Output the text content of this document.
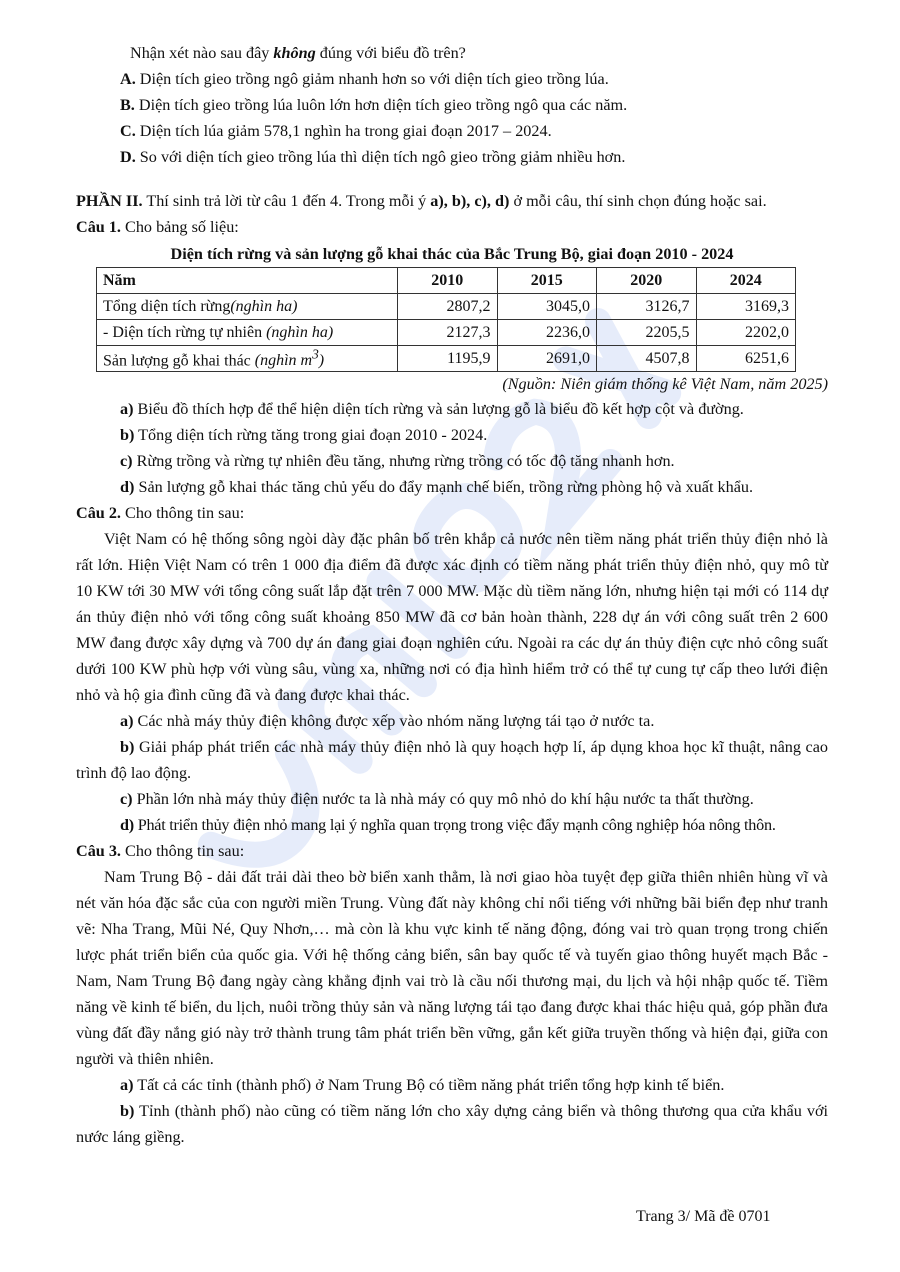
Nhận xét nào sau đây không đúng với biểu đồ trên?

A. Diện tích gieo trồng ngô giảm nhanh hơn so với diện tích gieo trồng lúa.

B. Diện tích gieo trồng lúa luôn lớn hơn diện tích gieo trồng ngô qua các năm.

C. Diện tích lúa giảm 578,1 nghìn ha trong giai đoạn 2017 – 2024.

D. So với diện tích gieo trồng lúa thì diện tích ngô gieo trồng giảm nhiều hơn.

PHẦN II. Thí sinh trả lời từ câu 1 đến 4. Trong mỗi ý a), b), c), d) ở mỗi câu, thí sinh chọn đúng hoặc sai.

Câu 1. Cho bảng số liệu:

Diện tích rừng và sản lượng gỗ khai thác của Bắc Trung Bộ, giai đoạn 2010 - 2024

Năm	2010	2015	2020	2024
Tổng diện tích rừng(nghìn ha)	2807,2	3045,0	3126,7	3169,3
- Diện tích rừng tự nhiên (nghìn ha)	2127,3	2236,0	2205,5	2202,0
Sản lượng gỗ khai thác (nghìn $m^3$)	1195,9	2691,0	4507,8	6251,6

(Nguồn: Niên giám thống kê Việt Nam, năm 2025)

a) Biểu đồ thích hợp để thể hiện diện tích rừng và sản lượng gỗ là biểu đồ kết hợp cột và đường.

b) Tổng diện tích rừng tăng trong giai đoạn 2010 - 2024.

c) Rừng trồng và rừng tự nhiên đều tăng, nhưng rừng trồng có tốc độ tăng nhanh hơn.

d) Sản lượng gỗ khai thác tăng chủ yếu do đẩy mạnh chế biến, trồng rừng phòng hộ và xuất khẩu.

Câu 2. Cho thông tin sau:

Việt Nam có hệ thống sông ngòi dày đặc phân bố trên khắp cả nước nên tiềm năng phát triển thủy điện nhỏ là rất lớn. Hiện Việt Nam có trên 1 000 địa điểm đã được xác định có tiềm năng phát triển thủy điện nhỏ, quy mô từ 10 KW tới 30 MW với tổng công suất lắp đặt trên 7 000 MW. Mặc dù tiềm năng lớn, nhưng hiện tại mới có 114 dự án thủy điện nhỏ với tổng công suất khoảng 850 MW đã cơ bản hoàn thành, 228 dự án với công suất trên 2 600 MW đang được xây dựng và 700 dự án đang giai đoạn nghiên cứu. Ngoài ra các dự án thủy điện cực nhỏ công suất dưới 100 KW phù hợp với vùng sâu, vùng xa, những nơi có địa hình hiểm trở có thể tự cung tự cấp theo lưới điện nhỏ và hộ gia đình cũng đã và đang được khai thác.

a) Các nhà máy thủy điện không được xếp vào nhóm năng lượng tái tạo ở nước ta.

b) Giải pháp phát triển các nhà máy thủy điện nhỏ là quy hoạch hợp lí, áp dụng khoa học kĩ thuật, nâng cao trình độ lao động.

c) Phần lớn nhà máy thủy điện nước ta là nhà máy có quy mô nhỏ do khí hậu nước ta thất thường.

d) Phát triển thủy điện nhỏ mang lại ý nghĩa quan trọng trong việc đẩy mạnh công nghiệp hóa nông thôn.

Câu 3. Cho thông tin sau:

Nam Trung Bộ - dải đất trải dài theo bờ biển xanh thẳm, là nơi giao hòa tuyệt đẹp giữa thiên nhiên hùng vĩ và nét văn hóa đặc sắc của con người miền Trung. Vùng đất này không chỉ nổi tiếng với những bãi biển đẹp như tranh vẽ: Nha Trang, Mũi Né, Quy Nhơn,… mà còn là khu vực kinh tế năng động, đóng vai trò quan trọng trong chiến lược phát triển biển của quốc gia. Với hệ thống cảng biển, sân bay quốc tế và tuyến giao thông huyết mạch Bắc - Nam, Nam Trung Bộ đang ngày càng khẳng định vai trò là cầu nối thương mại, du lịch và hội nhập quốc tế. Tiềm năng về kinh tế biển, du lịch, nuôi trồng thủy sản và năng lượng tái tạo đang được khai thác hiệu quả, góp phần đưa vùng đất đầy nắng gió này trở thành trung tâm phát triển bền vững, gắn kết giữa truyền thống và hiện đại, giữa con người và thiên nhiên.

a) Tất cả các tỉnh (thành phố) ở Nam Trung Bộ có tiềm năng phát triển tổng hợp kinh tế biển.

b) Tỉnh (thành phố) nào cũng có tiềm năng lớn cho xây dựng cảng biển và thông thương qua cửa khẩu với nước láng giềng.

Trang 3/ Mã đề 0701
